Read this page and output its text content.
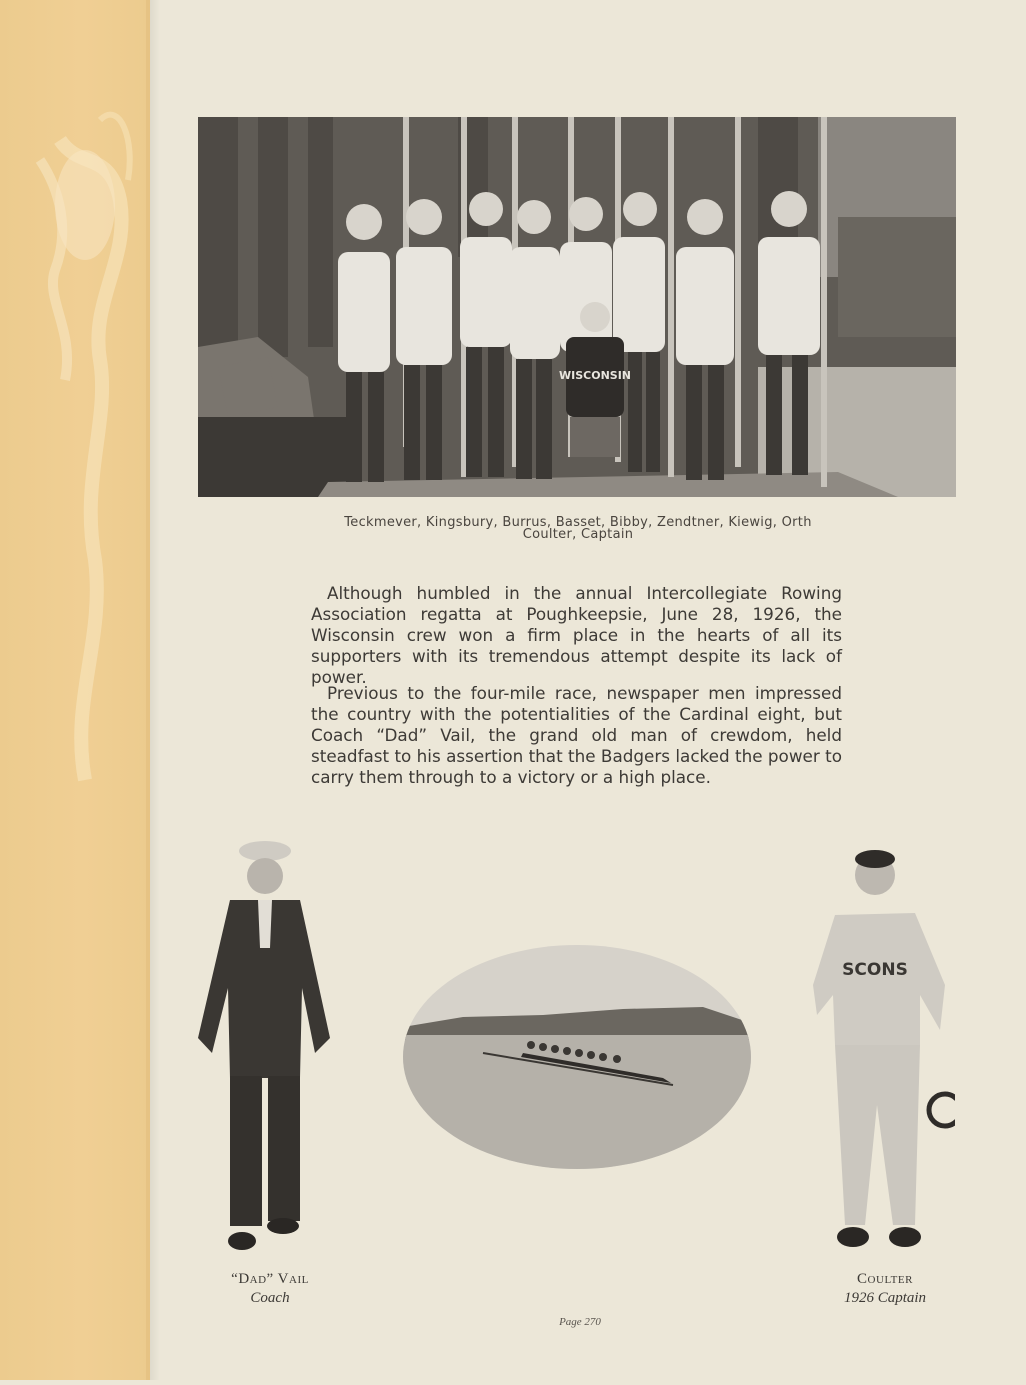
WISCONSIN
Teckmever, Kingsbury, Burrus, Basset, Bibby, Zendtner, Kiewig, Orth
Coulter, Captain

Although humbled in the annual Intercollegiate Rowing Association regatta at Poughkeepsie, June 28, 1926, the Wisconsin crew won a firm place in the hearts of all its supporters with its tremendous attempt despite its lack of power.

Previous to the four-mile race, newspaper men impressed the country with the potentialities of the Cardinal eight, but Coach “Dad” Vail, the grand old man of crewdom, held steadfast to his assertion that the Badgers lacked the power to carry them through to a victory or a high place.

SCONS
“Dad” Vail
Coach
Coulter
1926 Captain
Page 270
